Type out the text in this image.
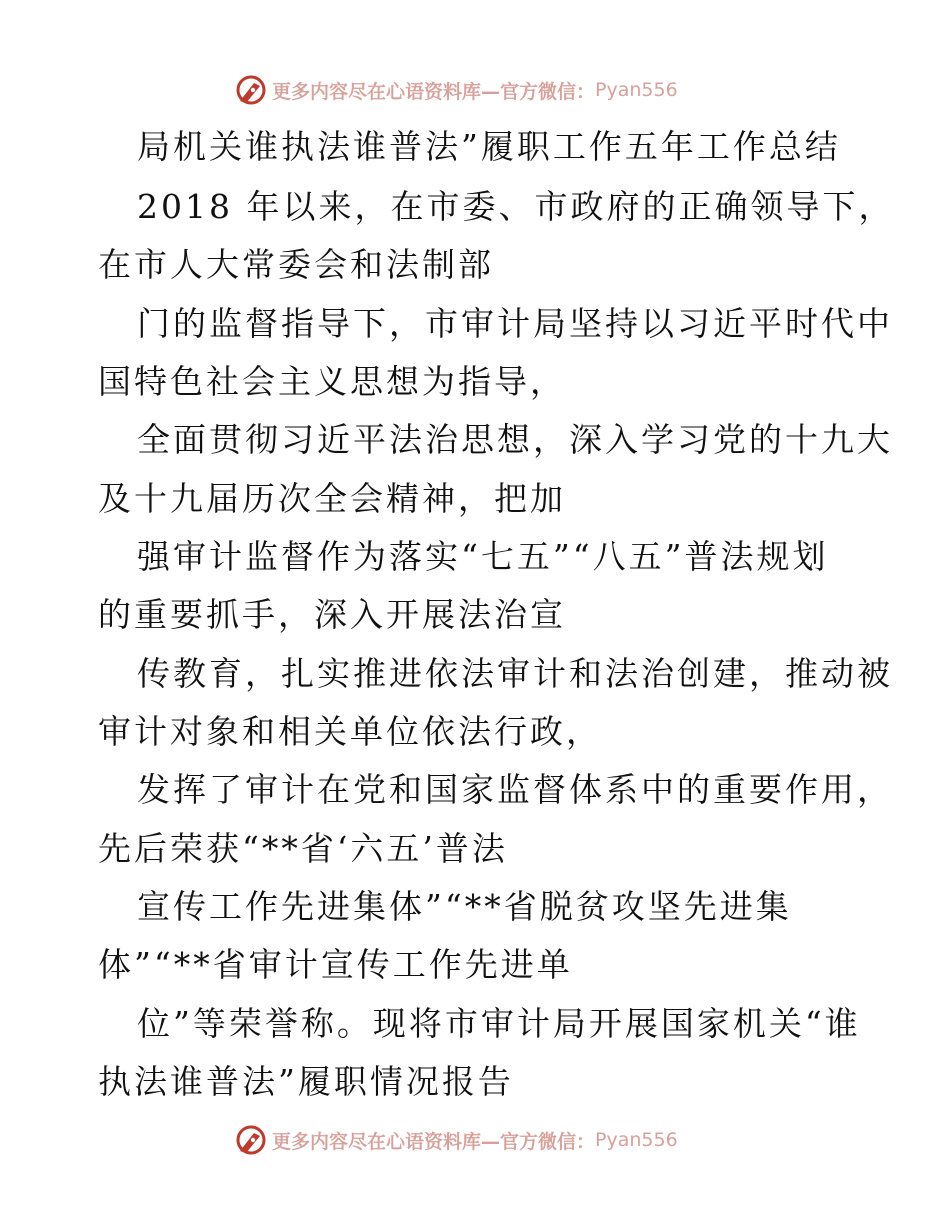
更多内容尽在心语资料库—官方微信： Pyan556
局机关谁执法谁普法”履职工作五年工作总结
2018 年以来，在市委、市政府的正确领导下，
在市人大常委会和法制部
门的监督指导下，市审计局坚持以习近平时代中
国特色社会主义思想为指导，
全面贯彻习近平法治思想，深入学习党的十九大
及十九届历次全会精神，把加
强审计监督作为落实“七五”“八五”普法规划
的重要抓手，深入开展法治宣
传教育，扎实推进依法审计和法治创建，推动被
审计对象和相关单位依法行政，
发挥了审计在党和国家监督体系中的重要作用，
先后荣获“**省‘六五’普法
宣传工作先进集体”“**省脱贫攻坚先进集
体”“**省审计宣传工作先进单
位”等荣誉称。现将市审计局开展国家机关“谁
执法谁普法”履职情况报告
更多内容尽在心语资料库—官方微信： Pyan556
